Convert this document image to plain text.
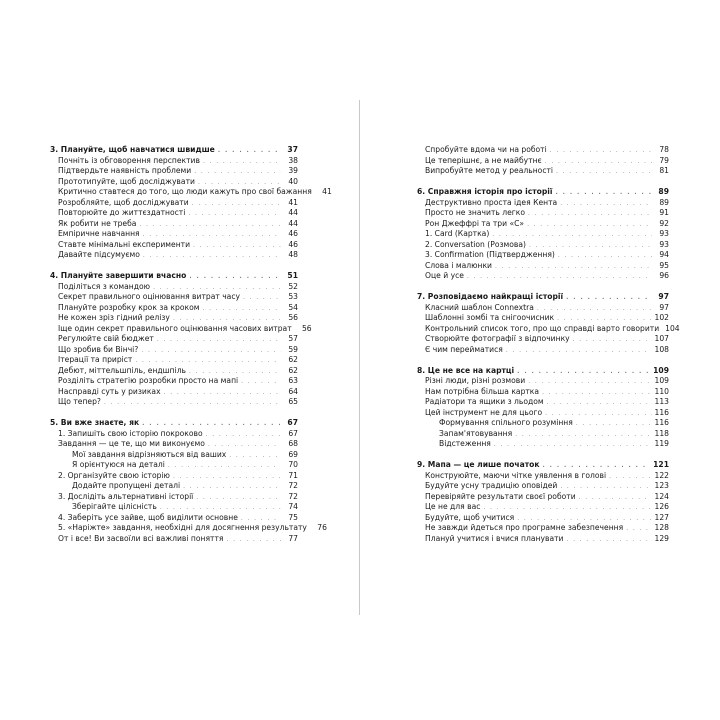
3. Плануйте, щоб навчатися швидше . . .	37
Почніть із обговорення перспектив . . .	38
Підтвердьте наявність проблеми . . .	39
Прототипуйте, щоб досліджувати . . .	40
Критично ставтеся до того, що люди кажуть про свої бажання	41
Розробляйте, щоб досліджувати . . .	41
Повторюйте до життєздатності . . .	44
Як робити не треба . . .	44
Емпіричне навчання . . .	46
Ставте мінімальні експерименти . . .	46
Давайте підсумуємо . . .	48
4. Плануйте завершити вчасно . . .	51
Поділіться з командою . . .	52
Секрет правильного оцінювання витрат часу . . .	53
Плануйте розробку крок за кроком . . .	54
Не кожен зріз гідний релізу . . .	56
Іще один секрет правильного оцінювання часових витрат	56
Регулюйте свій бюджет . . .	57
Що зробив би Вінчі? . . .	59
Ітерації та приріст . . .	62
Дебют, міттельшпіль, ендшпіль . . .	62
Розділіть стратегію розробки просто на мапі . . .	63
Насправді суть у ризиках . . .	64
Що тепер? . . .	65
5. Ви вже знаєте, як . . .	67
1. Запишіть свою історію покроково . . .	67
Завдання — це те, що ми виконуємо . . .	68
Мої завдання відрізняються від ваших . . .	69
Я орієнтуюся на деталі . . .	70
2. Організуйте свою історію . . .	71
Додайте пропущені деталі . . .	72
3. Дослідіть альтернативні історії . . .	72
Зберігайте цілісність . . .	74
4. Заберіть усе зайве, щоб виділити основне . . .	75
5. «Наріжте» завдання, необхідні для досягнення результату	76
От і все! Ви засвоїли всі важливі поняття . . .	77
Спробуйте вдома чи на роботі . . .	78
Це теперішнє, а не майбутнє . . .	79
Випробуйте метод у реальності . . .	81
6. Справжня історія про історії . . .	89
Деструктивно проста ідея Кента . . .	89
Просто не значить легко . . .	91
Рон Джеффрі та три «С» . . .	92
1. Card (Картка) . . .	93
2. Conversation (Розмова) . . .	93
3. Confirmation (Підтвердження) . . .	94
Слова і малюнки . . .	95
Оце й усе . . .	96
7. Розповідаємо найкращі історії . . .	97
Класний шаблон Connextra . . .	97
Шаблонні зомбі та снігоочисник . . .	102
Контрольний список того, про що справді варто говорити 104
Створюйте фотографії з відпочинку . . .	107
Є чим перейматися . . .	108
8. Це не все на картці . . .	109
Різні люди, різні розмови . . .	109
Нам потрібна більша картка . . .	110
Радіатори та ящики з льодом . . .	113
Цей інструмент не для цього . . .	116
Формування спільного розуміння . . .	116
Запам'ятовування . . .	118
Відстеження . . .	119
9. Мапа — це лише початок . . .	121
Конструюйте, маючи чітке уявлення в голові . . .	122
Будуйте усну традицію оповідей . . .	123
Перевіряйте результати своєї роботи . . .	124
Це не для вас . . .	126
Будуйте, щоб учитися . . .	127
Не завжди йдеться про програмне забезпечення . . .	128
Плануй учитися і вчися планувати . . .	129
